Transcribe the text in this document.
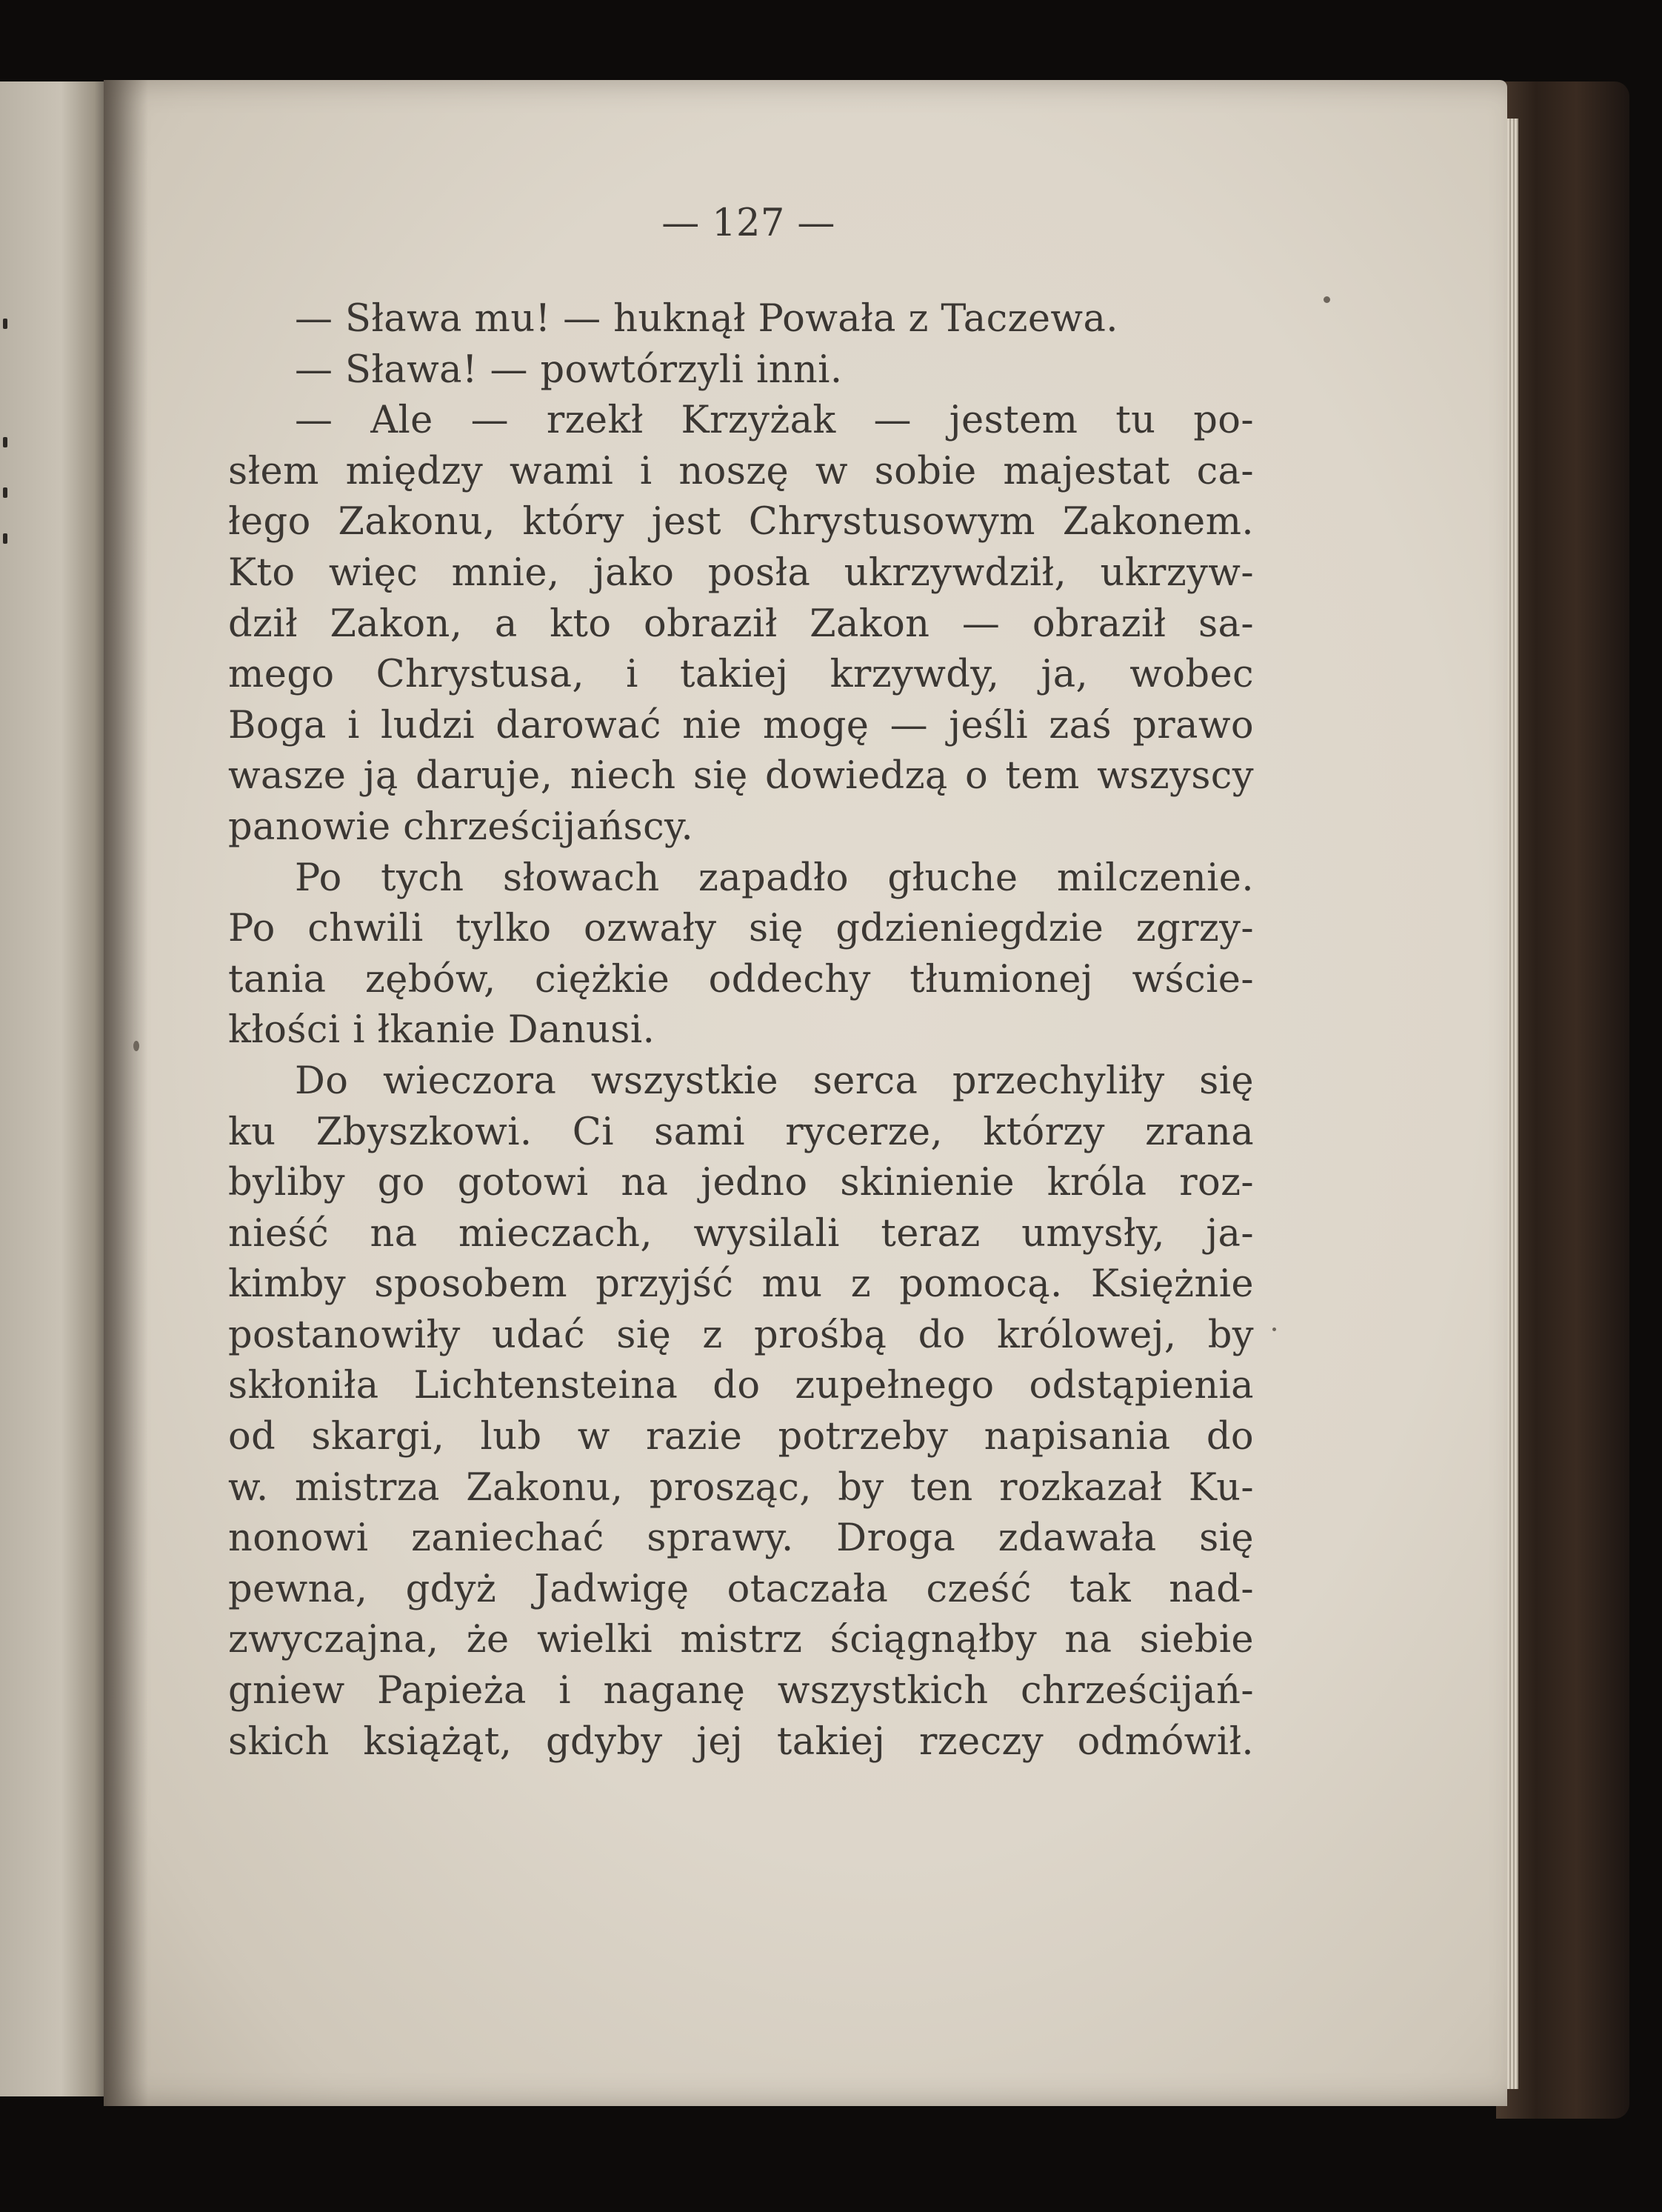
— 127 —
— Sława mu! — huknął Powała z Taczewa.
— Sława! — powtórzyli inni.
— Ale — rzekł Krzyżak — jestem tu po-
słem między wami i noszę w sobie majestat ca-
łego Zakonu, który jest Chrystusowym Zakonem.
Kto więc mnie, jako posła ukrzywdził, ukrzyw-
dził Zakon, a kto obraził Zakon — obraził sa-
mego Chrystusa, i takiej krzywdy, ja, wobec
Boga i ludzi darować nie mogę — jeśli zaś prawo
wasze ją daruje, niech się dowiedzą o tem wszyscy
panowie chrześcijańscy.
Po tych słowach zapadło głuche milczenie.
Po chwili tylko ozwały się gdzieniegdzie zgrzy-
tania zębów, ciężkie oddechy tłumionej wście-
kłości i łkanie Danusi.
Do wieczora wszystkie serca przechyliły się
ku Zbyszkowi. Ci sami rycerze, którzy zrana
byliby go gotowi na jedno skinienie króla roz-
nieść na mieczach, wysilali teraz umysły, ja-
kimby sposobem przyjść mu z pomocą. Księżnie
postanowiły udać się z prośbą do królowej, by
skłoniła Lichtensteina do zupełnego odstąpienia
od skargi, lub w razie potrzeby napisania do
w. mistrza Zakonu, prosząc, by ten rozkazał Ku-
nonowi zaniechać sprawy. Droga zdawała się
pewna, gdyż Jadwigę otaczała cześć tak nad-
zwyczajna, że wielki mistrz ściągnąłby na siebie
gniew Papieża i naganę wszystkich chrześcijań-
skich książąt, gdyby jej takiej rzeczy odmówił.
